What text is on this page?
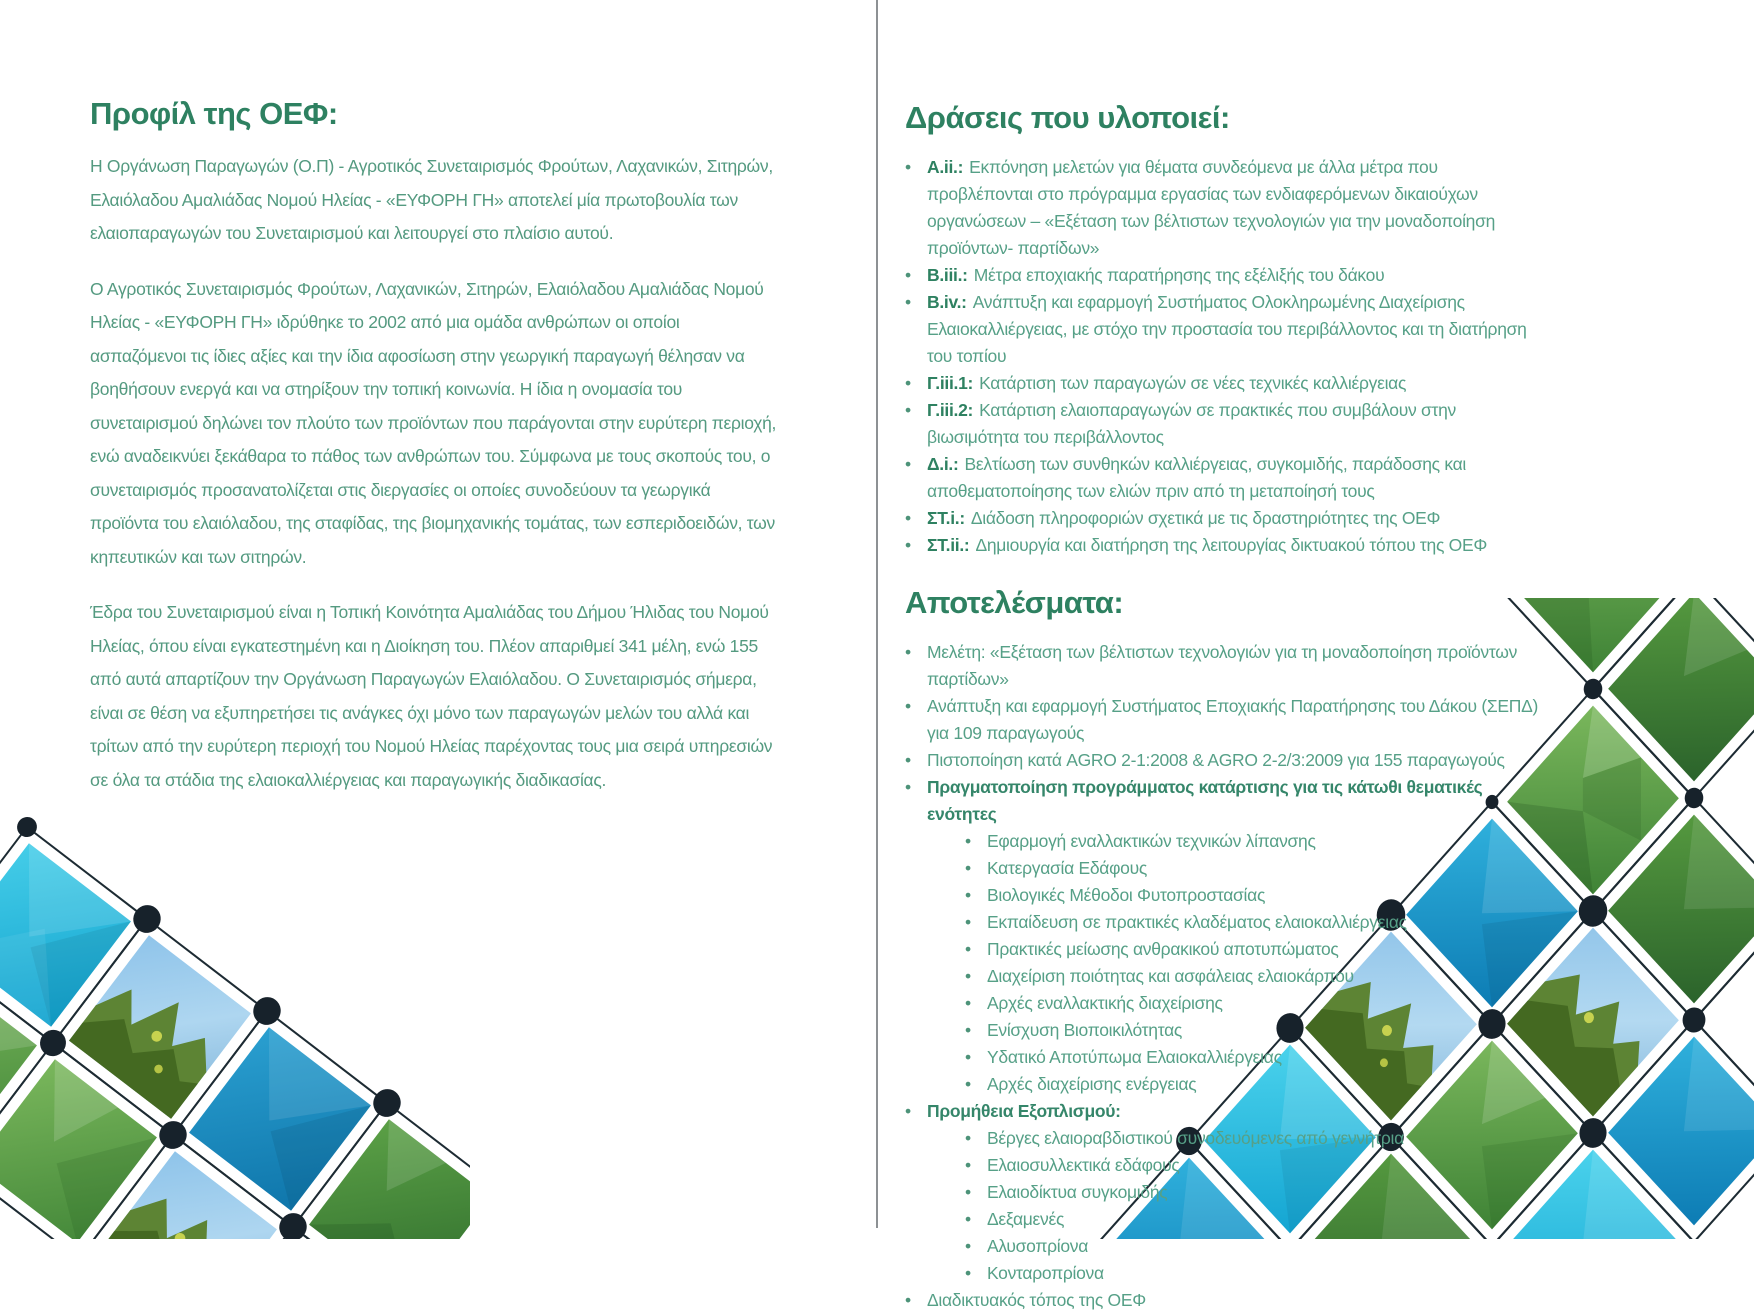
Προφίλ της ΟΕΦ:

Η Οργάνωση Παραγωγών (Ο.Π) - Αγροτικός Συνεταιρισμός Φρούτων, Λαχανικών, Σιτηρών, Ελαιόλαδου Αμαλιάδας Νομού Ηλείας - «ΕΥΦΟΡΗ ΓΗ» αποτελεί μία πρωτοβουλία των ελαιοπαραγωγών του Συνεταιρισμού και λειτουργεί στο πλαίσιο αυτού.

Ο Αγροτικός Συνεταιρισμός Φρούτων, Λαχανικών, Σιτηρών, Ελαιόλαδου Αμαλιάδας Νομού Ηλείας - «ΕΥΦΟΡΗ ΓΗ» ιδρύθηκε το 2002 από μια ομάδα ανθρώπων οι οποίοι ασπαζόμενοι τις ίδιες αξίες και την ίδια αφοσίωση στην γεωργική παραγωγή θέλησαν να βοηθήσουν ενεργά και να στηρίξουν την τοπική κοινωνία. Η ίδια η ονομασία του συνεταιρισμού δηλώνει τον πλούτο των προϊόντων που παράγονται στην ευρύτερη περιοχή, ενώ αναδεικνύει ξεκάθαρα το πάθος των ανθρώπων του. Σύμφωνα με τους σκοπούς του, ο συνεταιρισμός προσανατολίζεται στις διεργασίες οι οποίες συνοδεύουν τα γεωργικά προϊόντα του ελαιόλαδου, της σταφίδας, της βιομηχανικής τομάτας, των εσπεριδοειδών, των κηπευτικών και των σιτηρών.

Έδρα του Συνεταιρισμού είναι η Τοπική Κοινότητα Αμαλιάδας του Δήμου Ήλιδας του Νομού Ηλείας, όπου είναι εγκατεστημένη και η Διοίκηση του. Πλέον απαριθμεί 341 μέλη, ενώ 155 από αυτά απαρτίζουν την Οργάνωση Παραγωγών Ελαιόλαδου. Ο Συνεταιρισμός σήμερα, είναι σε θέση να εξυπηρετήσει τις ανάγκες όχι μόνο των παραγωγών μελών του αλλά και τρίτων από την ευρύτερη περιοχή του Νομού Ηλείας παρέχοντας τους μια σειρά υπηρεσιών σε όλα τα στάδια της ελαιοκαλλιέργειας και παραγωγικής διαδικασίας.

Δράσεις που υλοποιεί:
• A.ii.: Εκπόνηση μελετών για θέματα συνδεόμενα με άλλα μέτρα που προβλέπονται στο πρόγραμμα εργασίας των ενδιαφερόμενων δικαιούχων οργανώσεων – «Εξέταση των βέλτιστων τεχνολογιών για την μοναδοποίηση προϊόντων- παρτίδων»
• B.iii.: Μέτρα εποχιακής παρατήρησης της εξέλιξής του δάκου
• B.iv.: Ανάπτυξη και εφαρμογή Συστήματος Ολοκληρωμένης Διαχείρισης Ελαιοκαλλιέργειας, με στόχο την προστασία του περιβάλλοντος και τη διατήρηση του τοπίου
• Γ.iii.1: Κατάρτιση των παραγωγών σε νέες τεχνικές καλλιέργειας
• Γ.iii.2: Κατάρτιση ελαιοπαραγωγών σε πρακτικές που συμβάλουν στην βιωσιμότητα του περιβάλλοντος
• Δ.i.: Βελτίωση των συνθηκών καλλιέργειας, συγκομιδής, παράδοσης και αποθεματοποίησης των ελιών πριν από τη μεταποίησή τους
• ΣΤ.i.: Διάδοση πληροφοριών σχετικά με τις δραστηριότητες της ΟΕΦ
• ΣΤ.ii.: Δημιουργία και διατήρηση της λειτουργίας δικτυακού τόπου της ΟΕΦ
Αποτελέσματα:
• Μελέτη: «Εξέταση των βέλτιστων τεχνολογιών για τη μοναδοποίηση προϊόντων παρτίδων»
• Ανάπτυξη και εφαρμογή Συστήματος Εποχιακής Παρατήρησης του Δάκου (ΣΕΠΔ) για 109 παραγωγούς
• Πιστοποίηση κατά AGRO 2-1:2008 & AGRO 2-2/3:2009 για 155 παραγωγούς
• Πραγματοποίηση προγράμματος κατάρτισης για τις κάτωθι θεματικές ενότητες
• Εφαρμογή εναλλακτικών τεχνικών λίπανσης
• Κατεργασία Εδάφους
• Βιολογικές Μέθοδοι Φυτοπροστασίας
• Εκπαίδευση σε πρακτικές κλαδέματος ελαιοκαλλιέργειας
• Πρακτικές μείωσης ανθρακικού αποτυπώματος
• Διαχείριση ποιότητας και ασφάλειας ελαιοκάρπου
• Αρχές εναλλακτικής διαχείρισης
• Ενίσχυση Βιοποικιλότητας
• Υδατικό Αποτύπωμα Ελαιοκαλλιέργειας
• Αρχές διαχείρισης ενέργειας
• Προμήθεια Εξοπλισμού:
• Βέργες ελαιοραβδιστικού συνοδευόμενες από γεννήτρια
• Ελαιοσυλλεκτικά εδάφους
• Ελαιοδίκτυα συγκομιδής
• Δεξαμενές
• Αλυσοπρίονα
• Κονταροπρίονα
• Διαδικτυακός τόπος της ΟΕΦ
